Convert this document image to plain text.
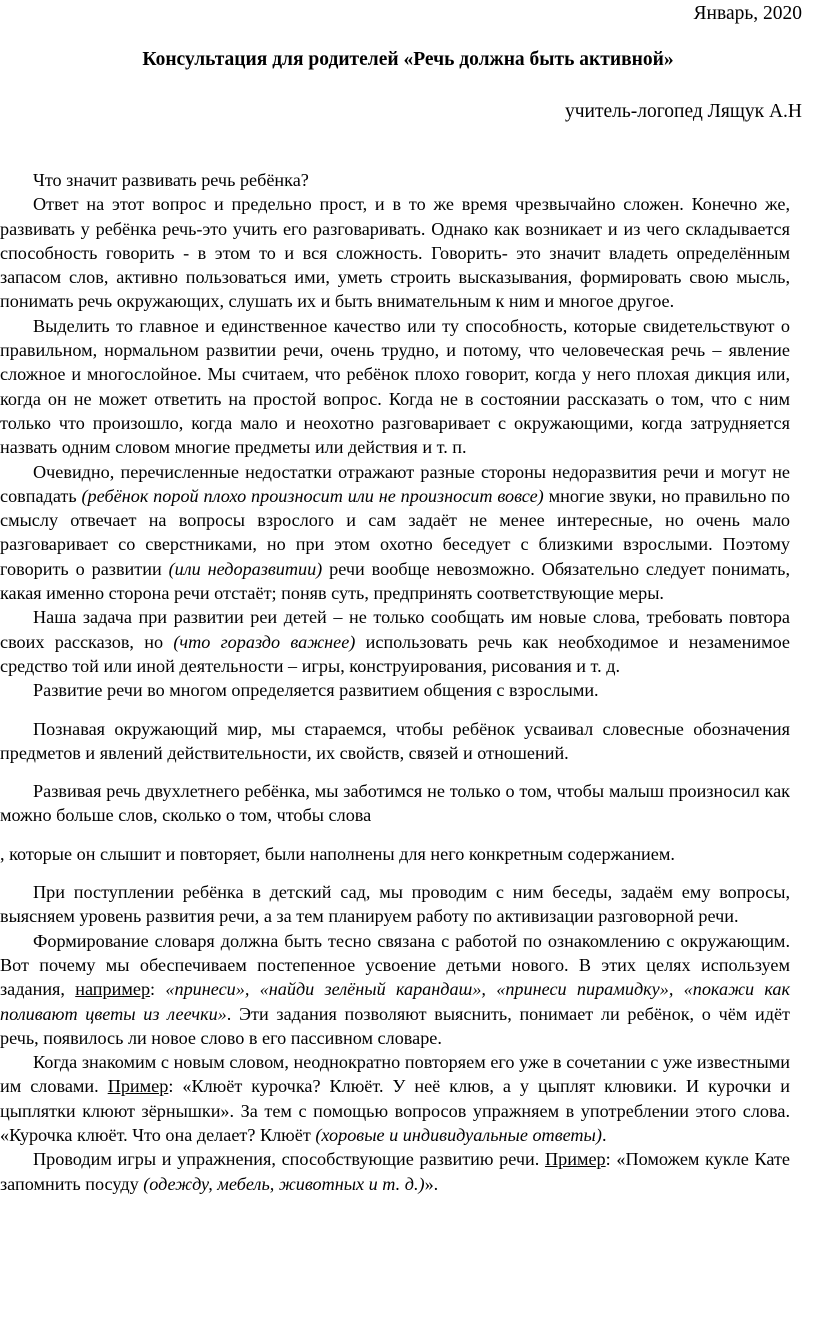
Январь, 2020
Консультация для родителей «Речь должна быть активной»
учитель-логопед Лящук А.Н

Что значит развивать речь ребёнка?

Ответ на этот вопрос и предельно прост, и в то же время чрезвычайно сложен. Конечно же, развивать у ребёнка речь-это учить его разговаривать. Однако как возникает и из чего складывается способность говорить - в этом то и вся сложность. Говорить- это значит владеть определённым запасом слов, активно пользоваться ими, уметь строить высказывания, формировать свою мысль, понимать речь окружающих, слушать их и быть внимательным к ним и многое другое.

Выделить то главное и единственное качество или ту способность, которые свидетельствуют о правильном, нормальном развитии речи, очень трудно, и потому, что человеческая речь – явление сложное и многослойное. Мы считаем, что ребёнок плохо говорит, когда у него плохая дикция или, когда он не может ответить на простой вопрос. Когда не в состоянии рассказать о том, что с ним только что произошло, когда мало и неохотно разговаривает с окружающими, когда затрудняется назвать одним словом многие предметы или действия и т. п.

Очевидно, перечисленные недостатки отражают разные стороны недоразвития речи и могут не совпадать (ребёнок порой плохо произносит или не произносит вовсе) многие звуки, но правильно по смыслу отвечает на вопросы взрослого и сам задаёт не менее интересные, но очень мало разговаривает со сверстниками, но при этом охотно беседует с близкими взрослыми. Поэтому говорить о развитии (или недоразвитии) речи вообще невозможно. Обязательно следует понимать, какая именно сторона речи отстаёт; поняв суть, предпринять соответствующие меры.

Наша задача при развитии реи детей – не только сообщать им новые слова, требовать повтора своих рассказов, но (что гораздо важнее) использовать речь как необходимое и незаменимое средство той или иной деятельности – игры, конструирования, рисования и т. д.

Развитие речи во многом определяется развитием общения с взрослыми.

Познавая окружающий мир, мы стараемся, чтобы ребёнок усваивал словесные обозначения предметов и явлений действительности, их свойств, связей и отношений.

Развивая речь двухлетнего ребёнка, мы заботимся не только о том, чтобы малыш произносил как можно больше слов, сколько о том, чтобы слова

, которые он слышит и повторяет, были наполнены для него конкретным содержанием.

При поступлении ребёнка в детский сад, мы проводим с ним беседы, задаём ему вопросы, выясняем уровень развития речи, а за тем планируем работу по активизации разговорной речи.

Формирование словаря должна быть тесно связана с работой по ознакомлению с окружающим. Вот почему мы обеспечиваем постепенное усвоение детьми нового. В этих целях используем задания, например: «принеси», «найди зелёный карандаш», «принеси пирамидку», «покажи как поливают цветы из леечки». Эти задания позволяют выяснить, понимает ли ребёнок, о чём идёт речь, появилось ли новое слово в его пассивном словаре.

Когда знакомим с новым словом, неоднократно повторяем его уже в сочетании с уже известными им словами. Пример: «Клюёт курочка? Клюёт. У неё клюв, а у цыплят клювики. И курочки и цыплятки клюют зёрнышки». За тем с помощью вопросов упражняем в употреблении этого слова. «Курочка клюёт. Что она делает? Клюёт (хоровые и индивидуальные ответы).

Проводим игры и упражнения, способствующие развитию речи. Пример: «Поможем кукле Кате запомнить посуду (одежду, мебель, животных и т. д.)».
